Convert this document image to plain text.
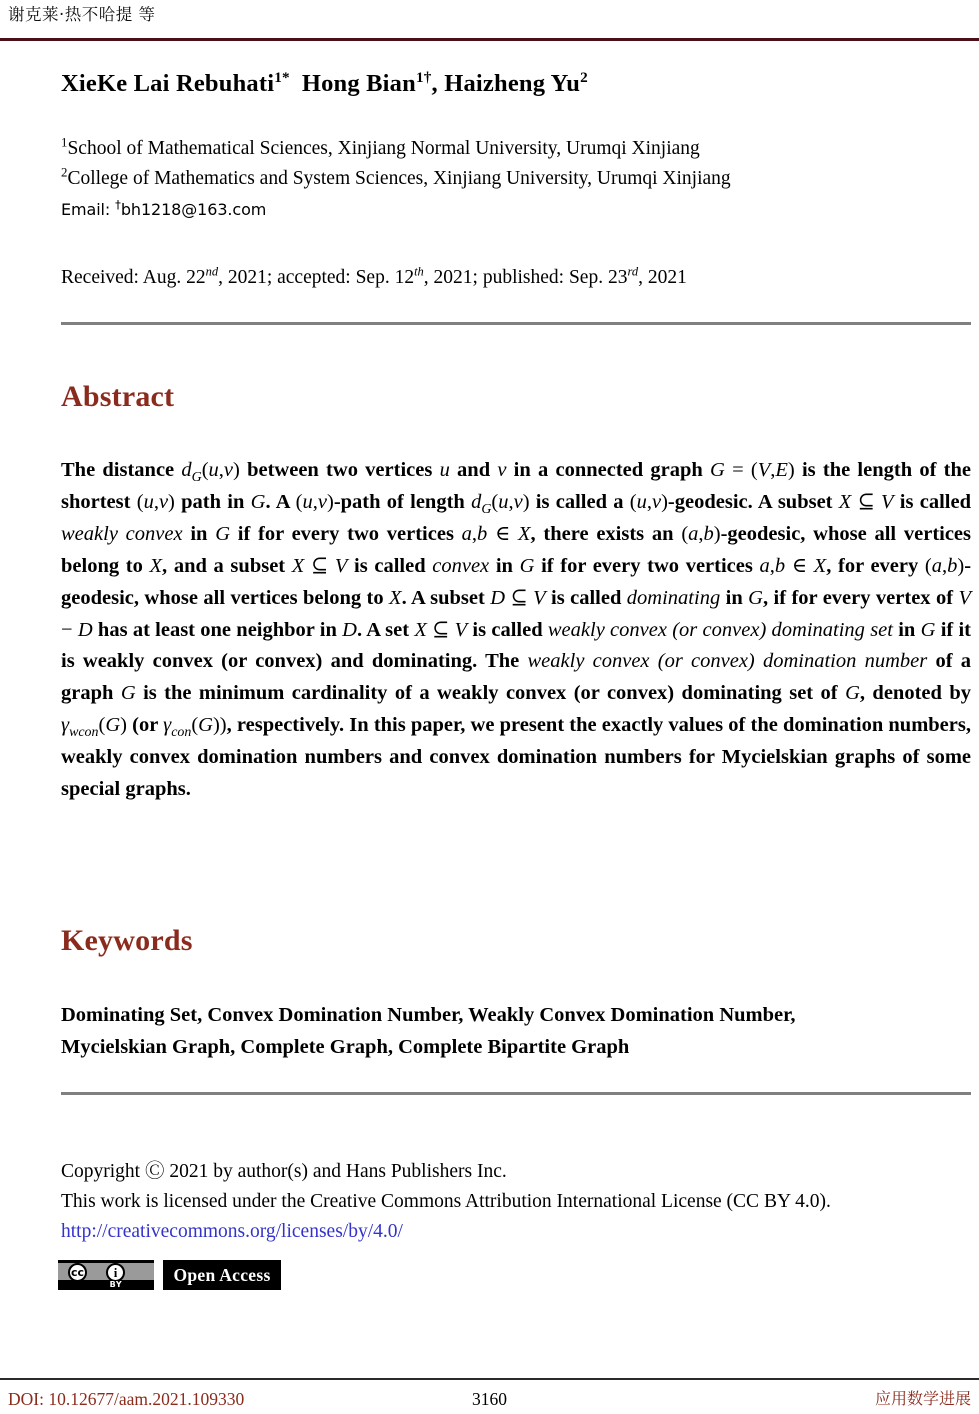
谢克莱·热不哈提 等
XieKe Lai Rebuhati$^{1*}$ Hong Bian$^{1\dagger}$, Haizheng Yu$^2$
$^1$School of Mathematical Sciences, Xinjiang Normal University, Urumqi Xinjiang
$^2$College of Mathematics and System Sciences, Xinjiang University, Urumqi Xinjiang
Email: †bh1218@163.com
Received: Aug. 22nd, 2021; accepted: Sep. 12th, 2021; published: Sep. 23rd, 2021
Abstract
The distance $d_G(u,v)$ between two vertices u and v in a connected graph G = (V,E) is the length of the shortest (u,v) path in G. A (u,v)-path of length $d_G(u,v)$ is called a (u,v)-geodesic. A subset X ⊆ V is called weakly convex in G if for every two vertices a,b ∈ X, there exists an (a,b)-geodesic, whose all vertices belong to X, and a subset X ⊆ V is called convex in G if for every two vertices a,b ∈ X, for every (a,b)-geodesic, whose all vertices belong to X. A subset D ⊆ V is called dominating in G, if for every vertex of V − D has at least one neighbor in D. A set X ⊆ V is called weakly convex (or convex) dominating set in G if it is weakly convex (or convex) and dominating. The weakly convex (or convex) domination number of a graph G is the minimum cardinality of a weakly convex (or convex) dominating set of G, denoted by $\gamma_{wcon}(G)$ (or $\gamma_{con}(G)$), respectively. In this paper, we present the exactly values of the domination numbers, weakly convex domination numbers and convex domination numbers for Mycielskian graphs of some special graphs.
Keywords
Dominating Set, Convex Domination Number, Weakly Convex Domination Number,
Mycielskian Graph, Complete Graph, Complete Bipartite Graph
Copyright Ⓒ 2021 by author(s) and Hans Publishers Inc.
This work is licensed under the Creative Commons Attribution International License (CC BY 4.0).
http://creativecommons.org/licenses/by/4.0/
cc	i
BY	Open Access
DOI: 10.12677/aam.2021.109330	3160	应用数学进展
